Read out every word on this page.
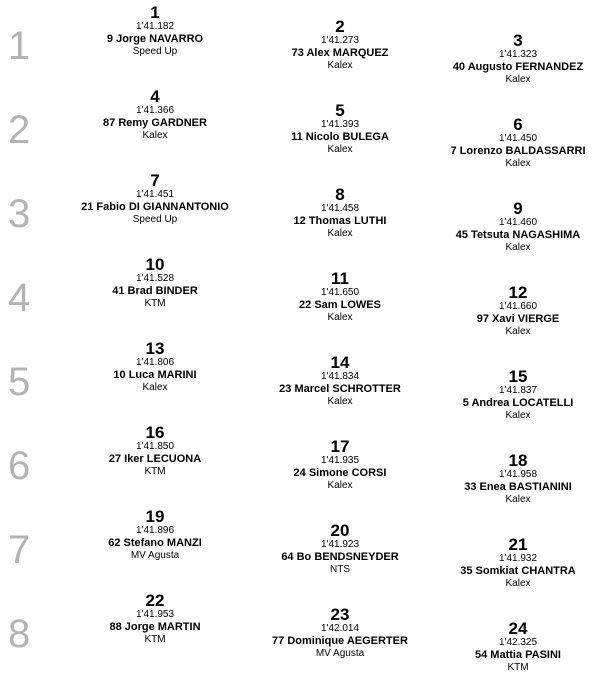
1
1
1'41.182
9 Jorge NAVARRO
Speed Up
2
1'41.273
73 Alex MARQUEZ
Kalex
3
1'41.323
40 Augusto FERNANDEZ
Kalex
2
4
1'41.366
87 Remy GARDNER
Kalex
5
1'41.393
11 Nicolo BULEGA
Kalex
6
1'41.450
7 Lorenzo BALDASSARRI
Kalex
3
7
1'41.451
21 Fabio DI GIANNANTONIO
Speed Up
8
1'41.458
12 Thomas LUTHI
Kalex
9
1'41.460
45 Tetsuta NAGASHIMA
Kalex
4
10
1'41.528
41 Brad BINDER
KTM
11
1'41.650
22 Sam LOWES
Kalex
12
1'41.660
97 Xavi VIERGE
Kalex
5
13
1'41.806
10 Luca MARINI
Kalex
14
1'41.834
23 Marcel SCHROTTER
Kalex
15
1'41.837
5 Andrea LOCATELLI
Kalex
6
16
1'41.850
27 Iker LECUONA
KTM
17
1'41.935
24 Simone CORSI
Kalex
18
1'41.958
33 Enea BASTIANINI
Kalex
7
19
1'41.896
62 Stefano MANZI
MV Agusta
20
1'41.923
64 Bo BENDSNEYDER
NTS
21
1'41.932
35 Somkiat CHANTRA
Kalex
8
22
1'41.953
88 Jorge MARTIN
KTM
23
1'42.014
77 Dominique AEGERTER
MV Agusta
24
1'42.325
54 Mattia PASINI
KTM
